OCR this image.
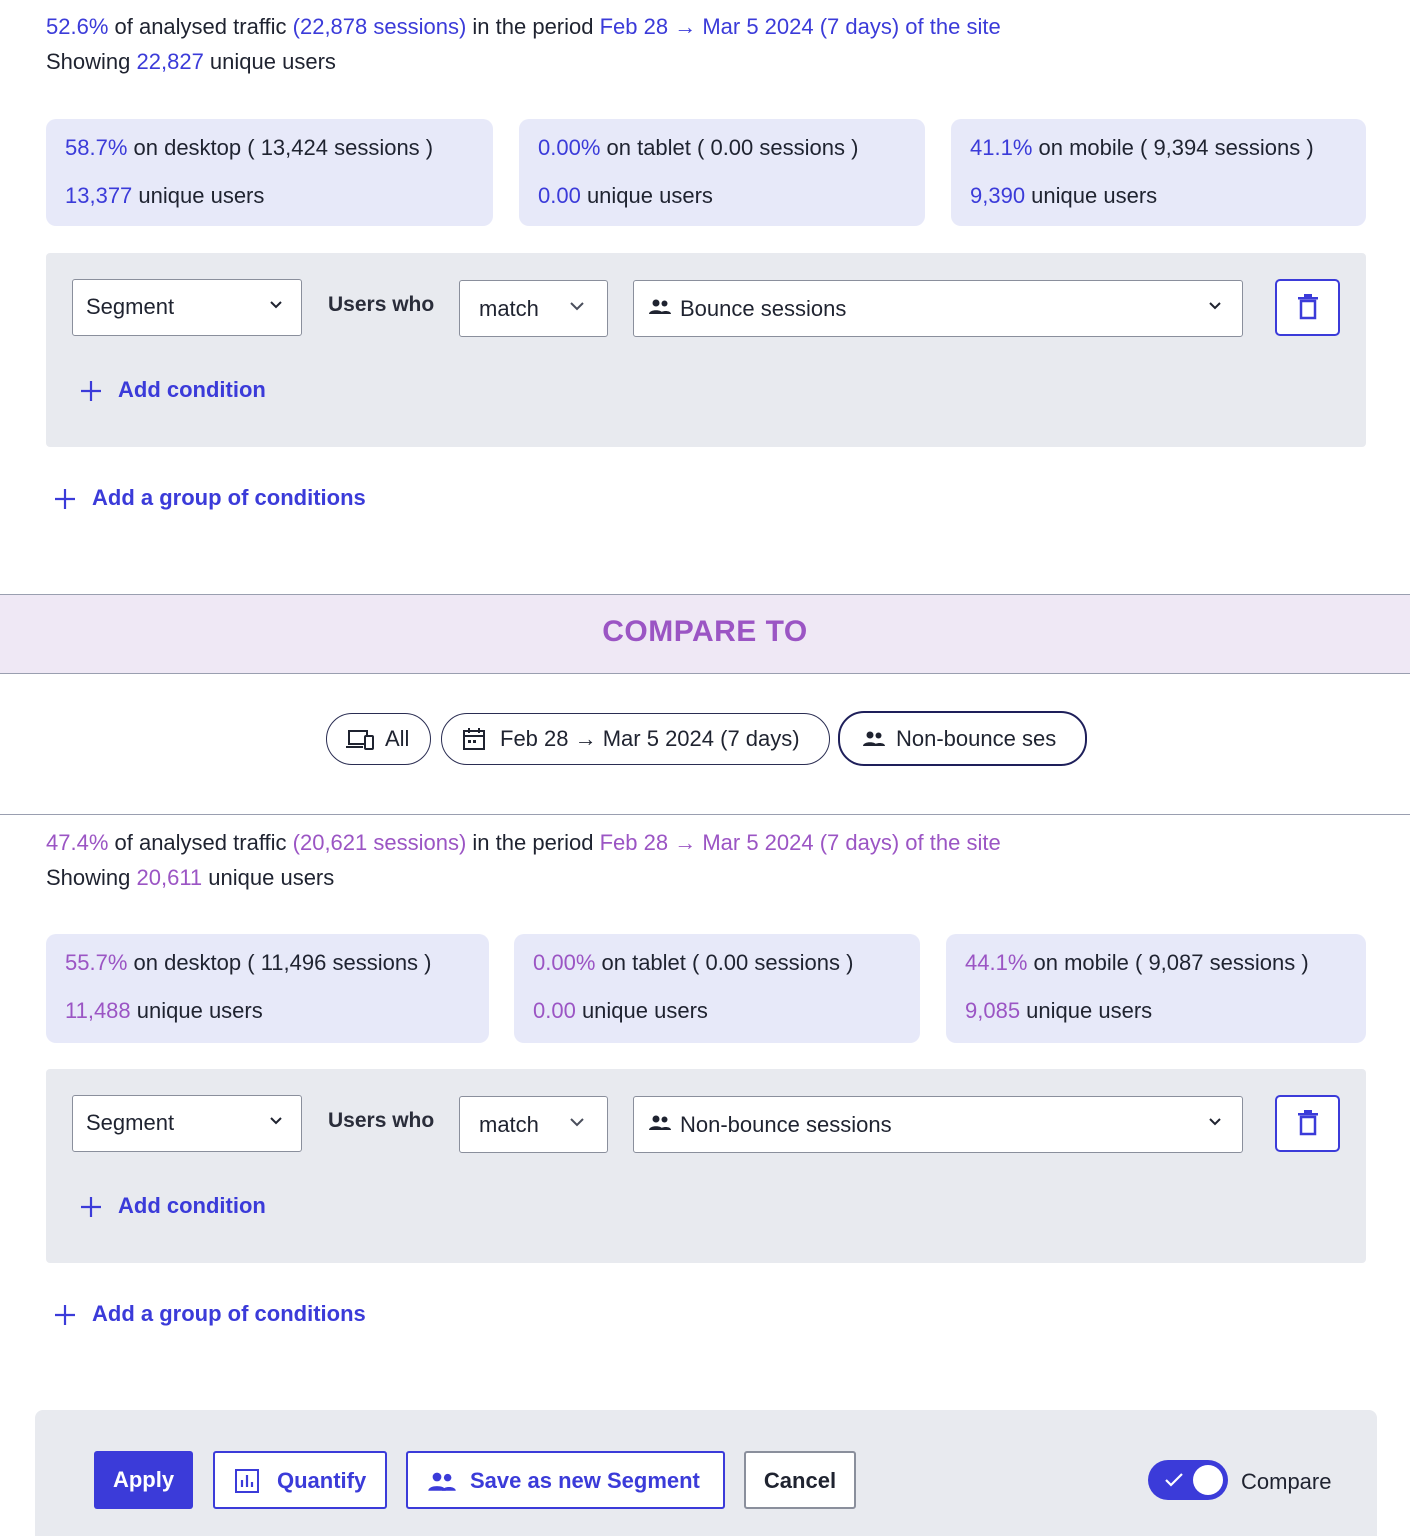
52.6% of analysed traffic (22,878 sessions) in the period Feb 28 → Mar 5 2024 (7 days) of the site
Showing 22,827 unique users
58.7% on desktop ( 13,424 sessions )
13,377 unique users
0.00% on tablet ( 0.00 sessions )
0.00 unique users
41.1% on mobile ( 9,394 sessions )
9,390 unique users
Segment	Users who	match	Bounce sessions
Add condition
Add a group of conditions
COMPARE TO
All	Feb 28 → Mar 5 2024 (7 days)	Non-bounce ses
47.4% of analysed traffic (20,621 sessions) in the period Feb 28 → Mar 5 2024 (7 days) of the site
Showing 20,611 unique users
55.7% on desktop ( 11,496 sessions )
11,488 unique users
0.00% on tablet ( 0.00 sessions )
0.00 unique users
44.1% on mobile ( 9,087 sessions )
9,085 unique users
Segment	Users who	match	Non-bounce sessions
Add condition
Add a group of conditions
Apply	Quantify	Save as new Segment	Cancel	Compare
